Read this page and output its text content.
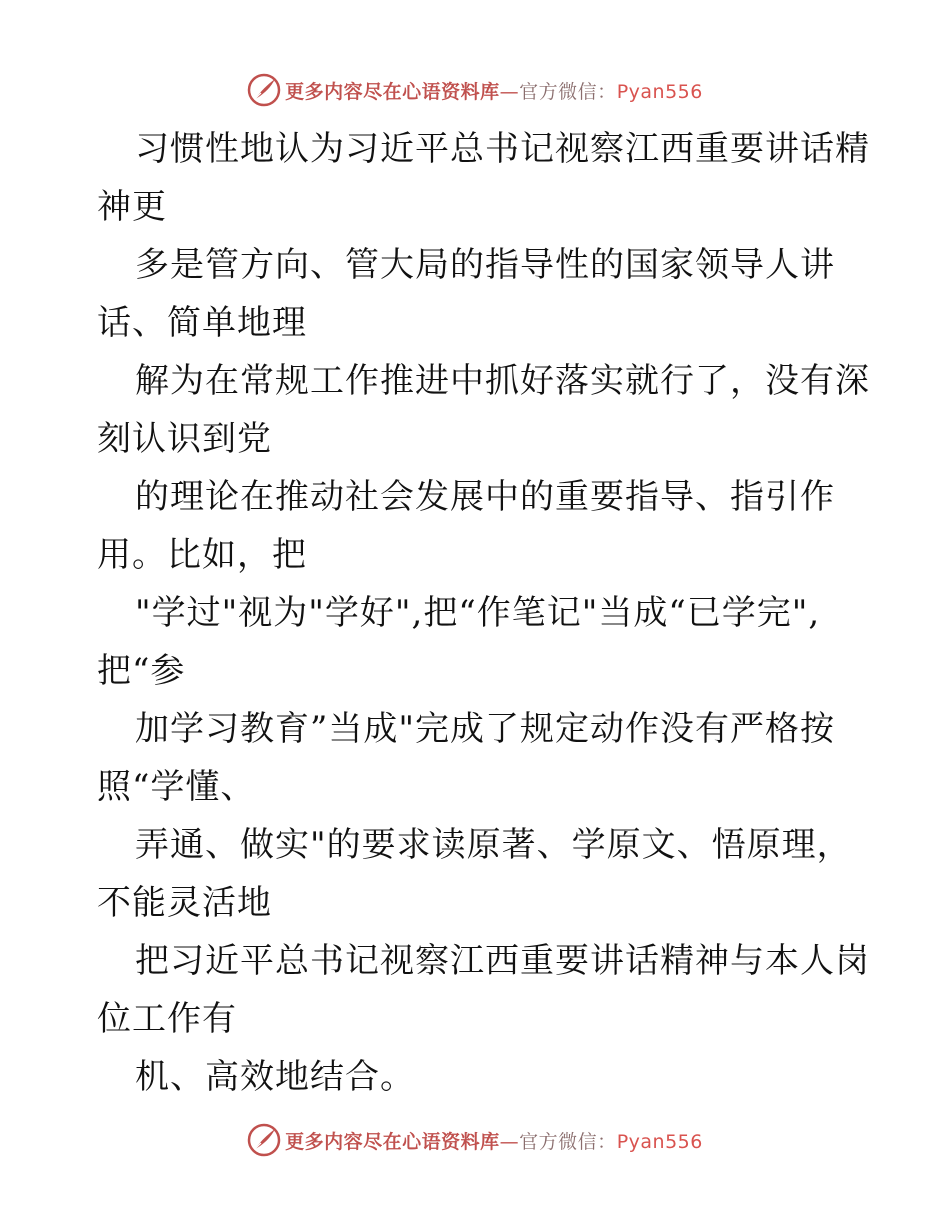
更多内容尽在心语资料库—官方微信：Pyan556
习惯性地认为习近平总书记视察江西重要讲话精
神更
多是管方向、管大局的指导性的国家领导人讲
话、简单地理
解为在常规工作推进中抓好落实就行了，没有深
刻认识到党
的理论在推动社会发展中的重要指导、指引作
用。比如，把
"学过"视为"学好",把“作笔记"当成“已学完",
把“参
加学习教育”当成"完成了规定动作没有严格按
照“学懂、
弄通、做实"的要求读原著、学原文、悟原理，
不能灵活地
把习近平总书记视察江西重要讲话精神与本人岗
位工作有
机、高效地结合。
更多内容尽在心语资料库—官方微信：Pyan556
